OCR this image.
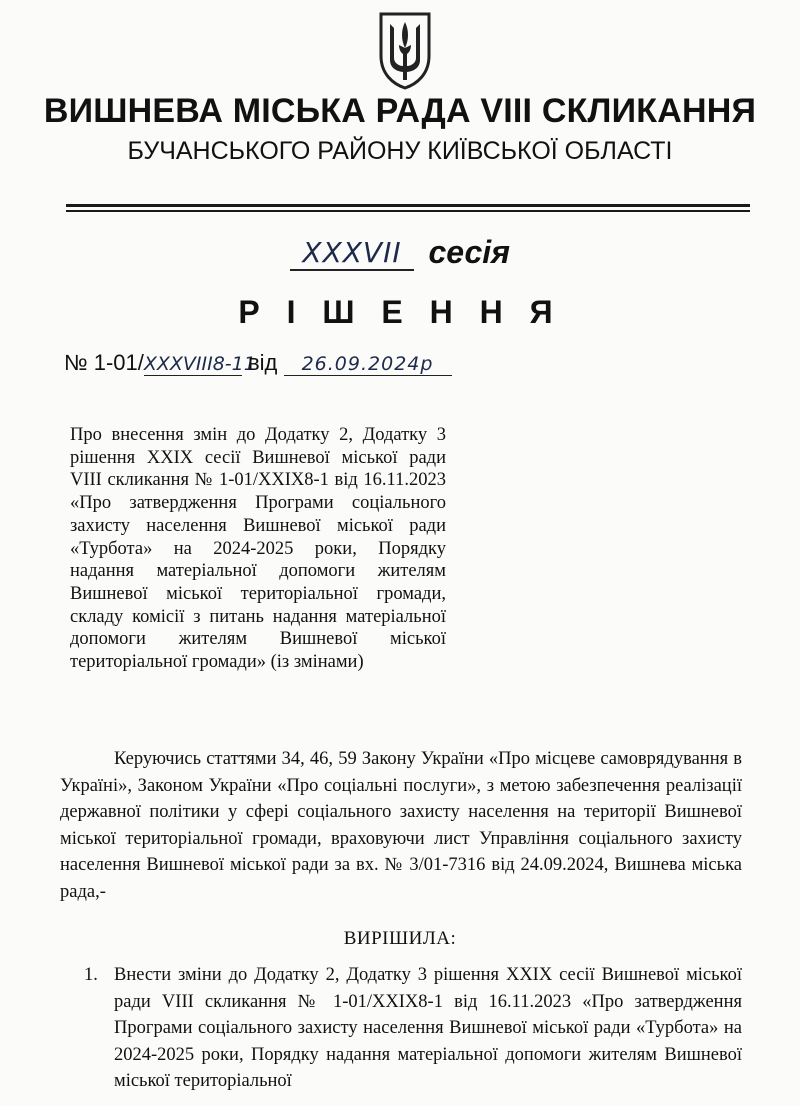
ВИШНЕВА МІСЬКА РАДА VIII СКЛИКАННЯ
БУЧАНСЬКОГО РАЙОНУ КИЇВСЬКОЇ ОБЛАСТІ
XXXVII сесія
Р І Ш Е Н Н Я
№ 1-01/XXXVIII8-11 від 26.09.2024р

Про внесення змін до Додатку 2, Додатку 3 рішення XXIX сесії Вишневої міської ради VIII скликання № 1-01/XXIX8-1 від 16.11.2023 «Про затвердження Програми соціального захисту населення Вишневої міської ради «Турбота» на 2024-2025 роки, Порядку надання матеріальної допомоги жителям Вишневої міської територіальної громади, складу комісії з питань надання матеріальної допомоги жителям Вишневої міської територіальної громади» (із змінами)

Керуючись статтями 34, 46, 59 Закону України «Про місцеве самоврядування в Україні», Законом України «Про соціальні послуги», з метою забезпечення реалізації державної політики у сфері соціального захисту населення на території Вишневої міської територіальної громади, враховуючи лист Управління соціального захисту населення Вишневої міської ради за вх. № 3/01-7316 від 24.09.2024, Вишнева міська рада,-

ВИРІШИЛА:
1. Внести зміни до Додатку 2, Додатку 3 рішення XXIX сесії Вишневої міської ради VIII скликання № 1-01/XXIX8-1 від 16.11.2023 «Про затвердження Програми соціального захисту населення Вишневої міської ради «Турбота» на 2024-2025 роки, Порядку надання матеріальної допомоги жителям Вишневої міської територіальної
